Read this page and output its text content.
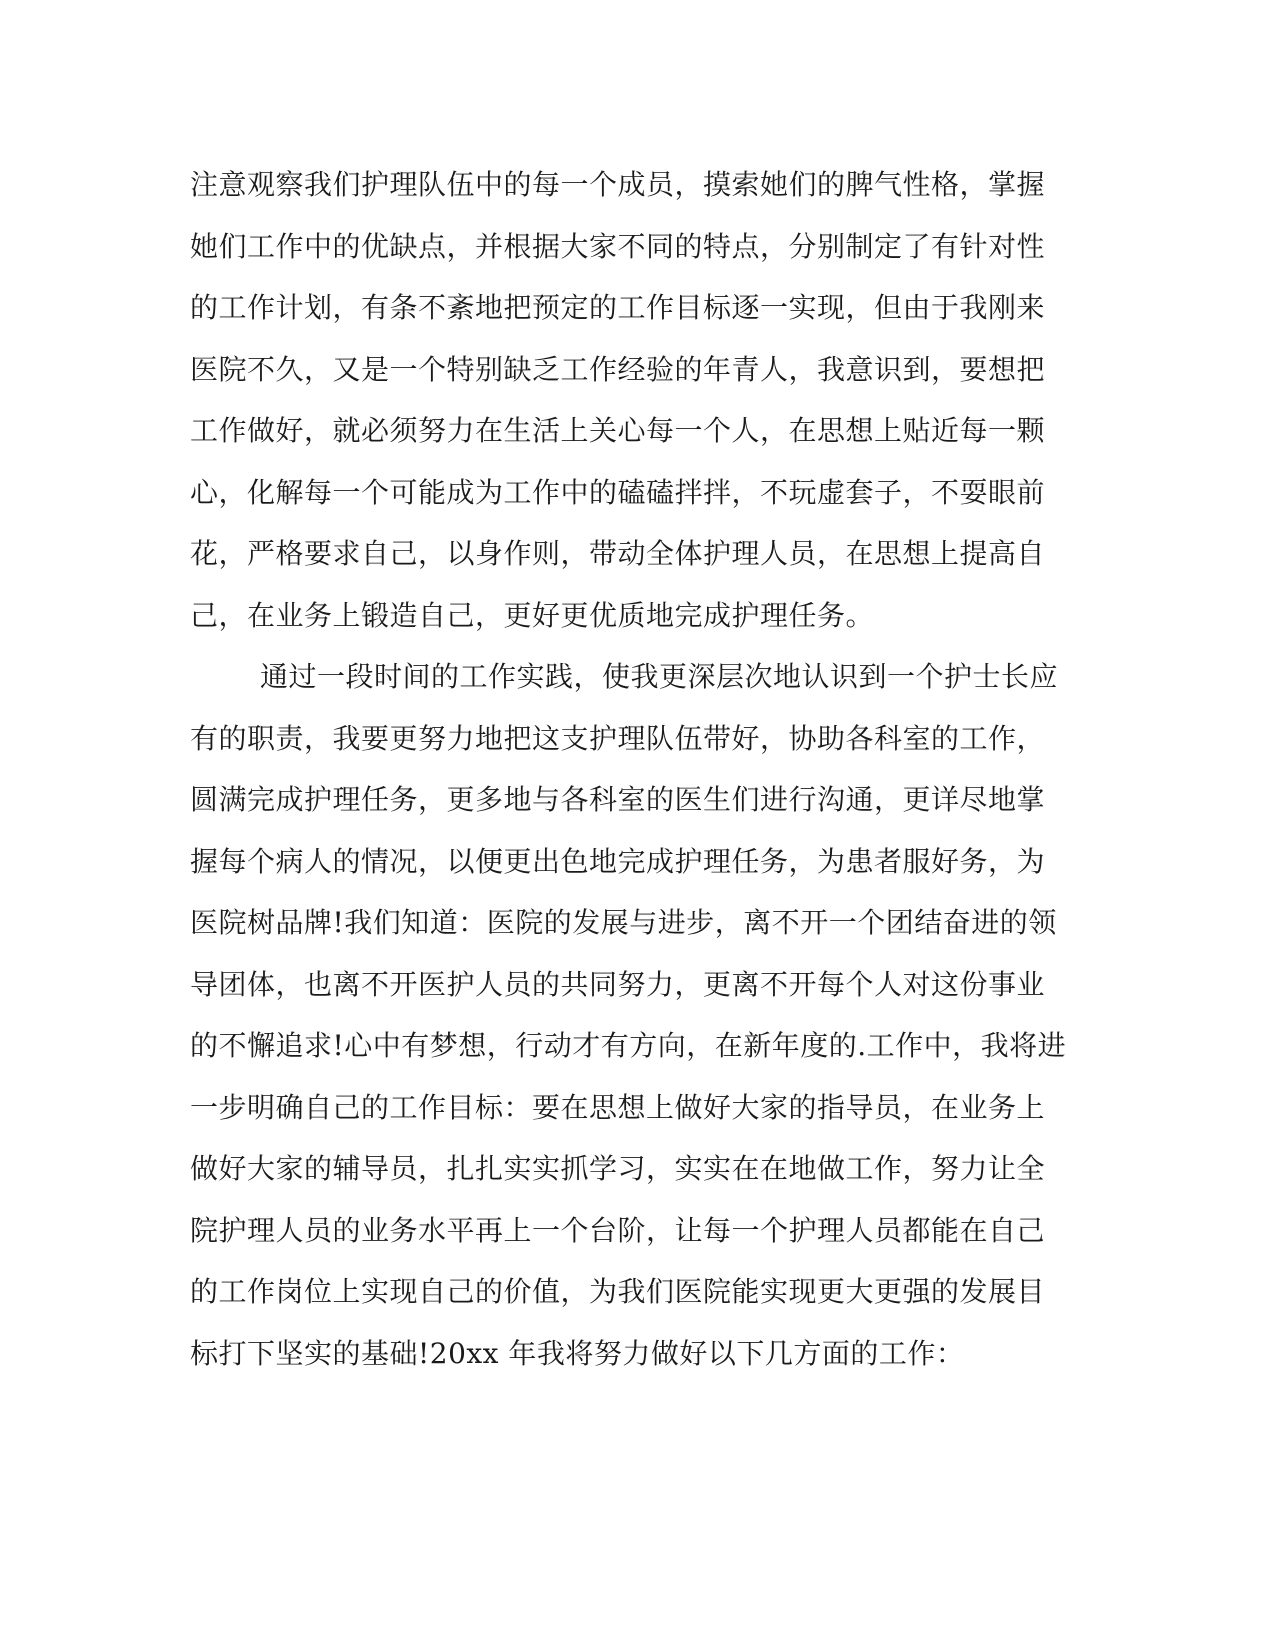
注意观察我们护理队伍中的每一个成员，摸索她们的脾气性格，掌握
她们工作中的优缺点，并根据大家不同的特点，分别制定了有针对性
的工作计划，有条不紊地把预定的工作目标逐一实现，但由于我刚来
医院不久，又是一个特别缺乏工作经验的年青人，我意识到，要想把
工作做好，就必须努力在生活上关心每一个人，在思想上贴近每一颗
心，化解每一个可能成为工作中的磕磕拌拌，不玩虚套子，不耍眼前
花，严格要求自己，以身作则，带动全体护理人员，在思想上提高自
己，在业务上锻造自己，更好更优质地完成护理任务。
通过一段时间的工作实践，使我更深层次地认识到一个护士长应
有的职责，我要更努力地把这支护理队伍带好，协助各科室的工作，
圆满完成护理任务，更多地与各科室的医生们进行沟通，更详尽地掌
握每个病人的情况，以便更出色地完成护理任务，为患者服好务，为
医院树品牌!我们知道：医院的发展与进步，离不开一个团结奋进的领
导团体，也离不开医护人员的共同努力，更离不开每个人对这份事业
的不懈追求!心中有梦想，行动才有方向，在新年度的.工作中，我将进
一步明确自己的工作目标：要在思想上做好大家的指导员，在业务上
做好大家的辅导员，扎扎实实抓学习，实实在在地做工作，努力让全
院护理人员的业务水平再上一个台阶，让每一个护理人员都能在自己
的工作岗位上实现自己的价值，为我们医院能实现更大更强的发展目
标打下坚实的基础!20xx 年我将努力做好以下几方面的工作：
